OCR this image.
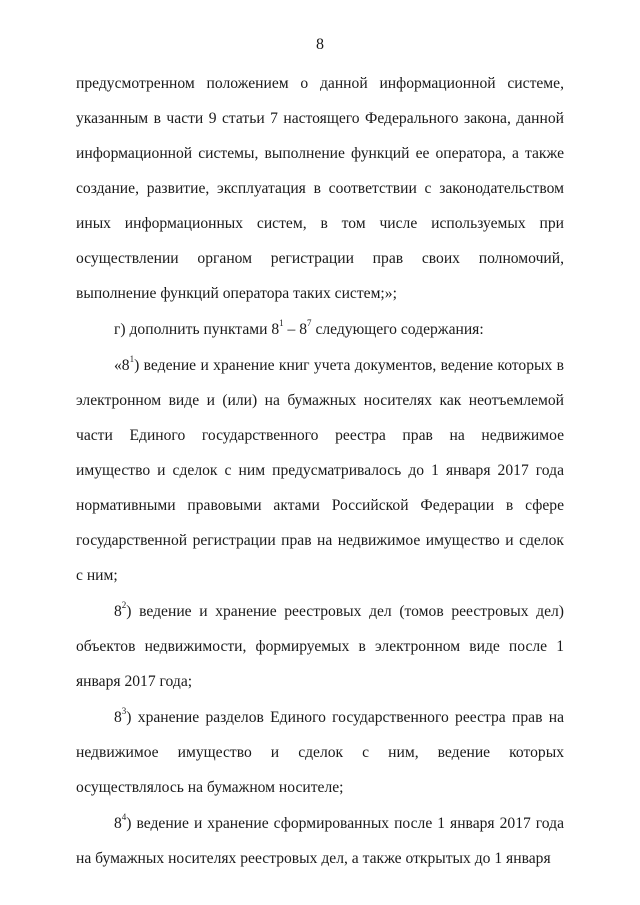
8

предусмотренном положением о данной информационной системе, указанным в части 9 статьи 7 настоящего Федерального закона, данной информационной системы, выполнение функций ее оператора, а также создание, развитие, эксплуатация в соответствии с законодательством иных информационных систем, в том числе используемых при осуществлении органом регистрации прав своих полномочий, выполнение функций оператора таких систем;»;

г) дополнить пунктами $8^1 - 8^7$ следующего содержания:

«$8^1$) ведение и хранение книг учета документов, ведение которых в электронном виде и (или) на бумажных носителях как неотъемлемой части Единого государственного реестра прав на недвижимое имущество и сделок с ним предусматривалось до 1 января 2017 года нормативными правовыми актами Российской Федерации в сфере государственной регистрации прав на недвижимое имущество и сделок с ним;

$8^2$) ведение и хранение реестровых дел (томов реестровых дел) объектов недвижимости, формируемых в электронном виде после 1 января 2017 года;

$8^3$) хранение разделов Единого государственного реестра прав на недвижимое имущество и сделок с ним, ведение которых осуществлялось на бумажном носителе;

$8^4$) ведение и хранение сформированных после 1 января 2017 года на бумажных носителях реестровых дел, а также открытых до 1 января
